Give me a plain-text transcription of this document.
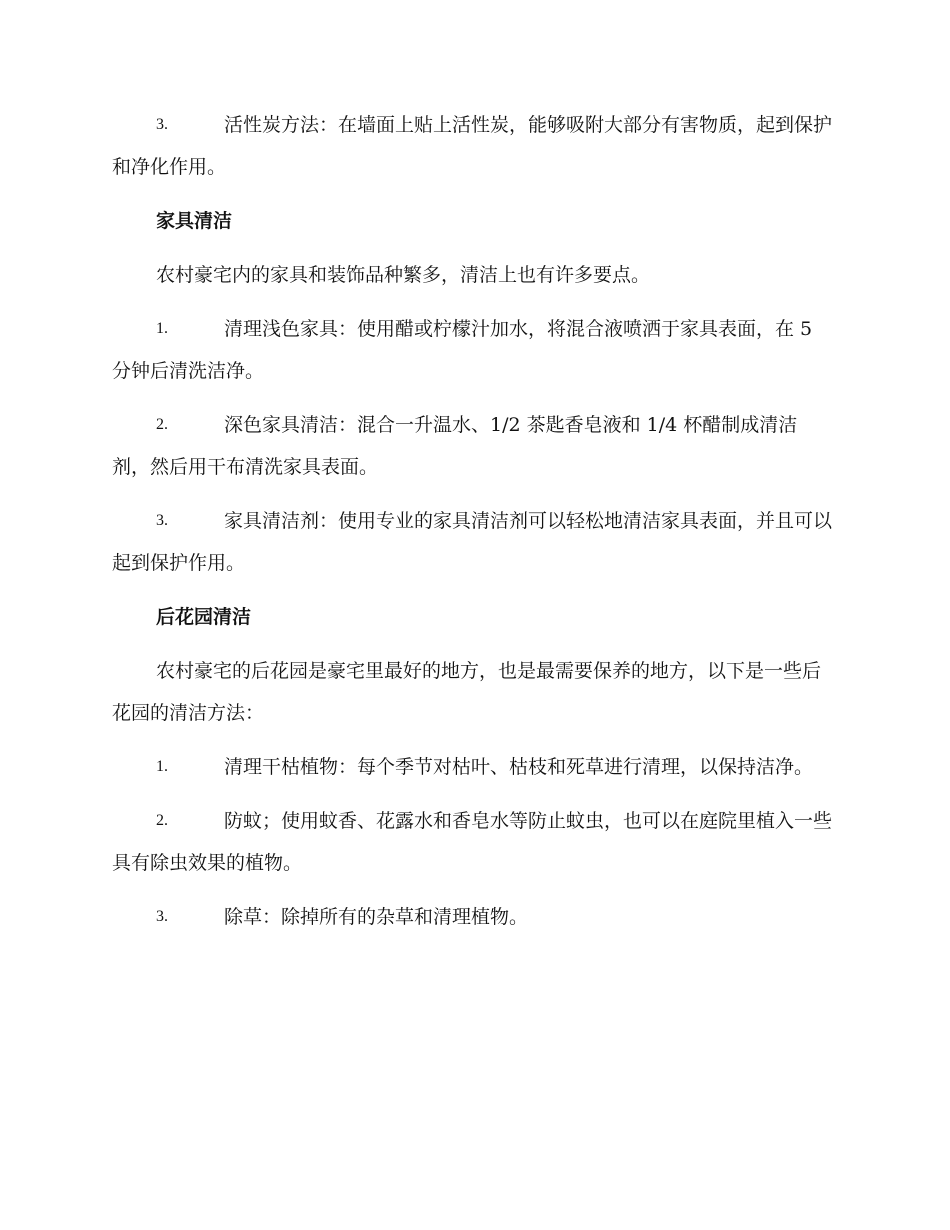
3.	活性炭方法：在墙面上贴上活性炭，能够吸附大部分有害物质，起到保护和净化作用。
家具清洁
农村豪宅内的家具和装饰品种繁多，清洁上也有许多要点。
1.	清理浅色家具：使用醋或柠檬汁加水，将混合液喷洒于家具表面，在 5 分钟后清洗洁净。
2.	深色家具清洁：混合一升温水、1/2 茶匙香皂液和 1/4 杯醋制成清洁剂，然后用干布清洗家具表面。
3.	家具清洁剂：使用专业的家具清洁剂可以轻松地清洁家具表面，并且可以起到保护作用。
后花园清洁
农村豪宅的后花园是豪宅里最好的地方，也是最需要保养的地方，以下是一些后花园的清洁方法：
1.	清理干枯植物：每个季节对枯叶、枯枝和死草进行清理，以保持洁净。
2.	防蚊；使用蚊香、花露水和香皂水等防止蚊虫，也可以在庭院里植入一些具有除虫效果的植物。
3.	除草：除掉所有的杂草和清理植物。
